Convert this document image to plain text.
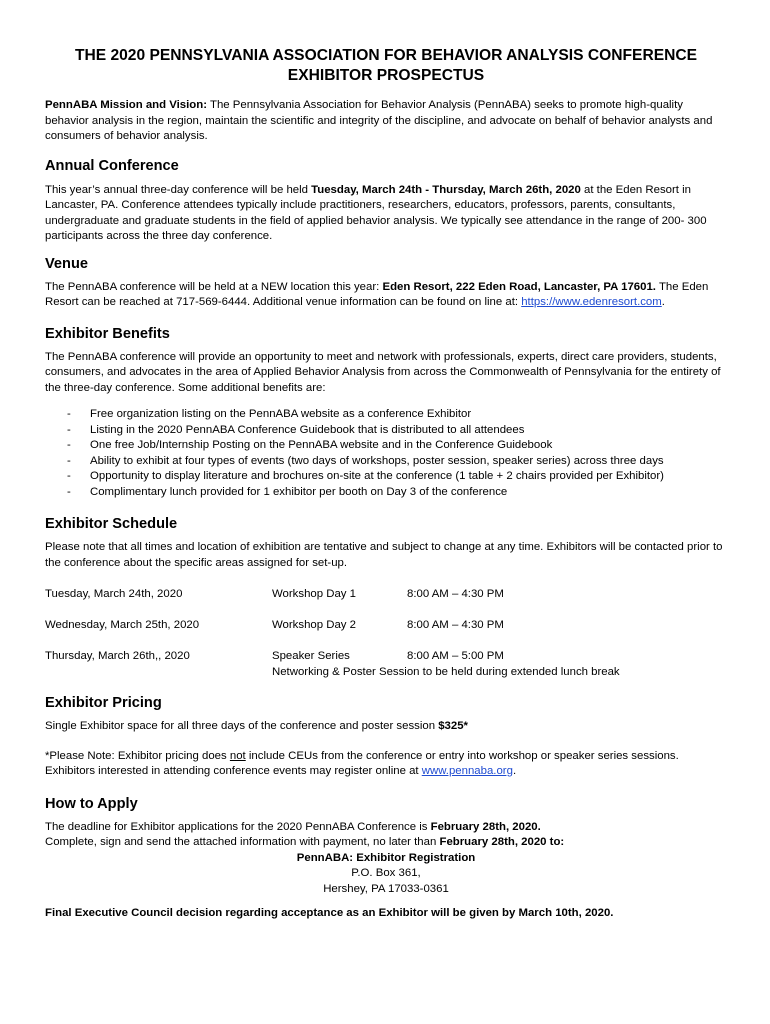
THE 2020 PENNSYLVANIA ASSOCIATION FOR BEHAVIOR ANALYSIS CONFERENCE
EXHIBITOR PROSPECTUS

PennABA Mission and Vision: The Pennsylvania Association for Behavior Analysis (PennABA) seeks to promote high-quality behavior analysis in the region, maintain the scientific and integrity of the discipline, and advocate on behalf of behavior analysts and consumers of behavior analysis.

Annual Conference

This year’s annual three-day conference will be held Tuesday, March 24th - Thursday, March 26th, 2020 at the Eden Resort in Lancaster, PA. Conference attendees typically include practitioners, researchers, educators, professors, parents, consultants, undergraduate and graduate students in the field of applied behavior analysis. We typically see attendance in the range of 200- 300 participants across the three day conference.

Venue

The PennABA conference will be held at a NEW location this year: Eden Resort, 222 Eden Road, Lancaster, PA 17601. The Eden Resort can be reached at 717-569-6444. Additional venue information can be found on line at: https://www.edenresort.com.

Exhibitor Benefits

The PennABA conference will provide an opportunity to meet and network with professionals, experts, direct care providers, students, consumers, and advocates in the area of Applied Behavior Analysis from across the Commonwealth of Pennsylvania for the entirety of the three-day conference. Some additional benefits are:

- Free organization listing on the PennABA website as a conference Exhibitor
- Listing in the 2020 PennABA Conference Guidebook that is distributed to all attendees
- One free Job/Internship Posting on the PennABA website and in the Conference Guidebook
- Ability to exhibit at four types of events (two days of workshops, poster session, speaker series) across three days
- Opportunity to display literature and brochures on-site at the conference (1 table + 2 chairs provided per Exhibitor)
- Complimentary lunch provided for 1 exhibitor per booth on Day 3 of the conference
Exhibitor Schedule

Please note that all times and location of exhibition are tentative and subject to change at any time. Exhibitors will be contacted prior to the conference about the specific areas assigned for set-up.

Tuesday, March 24th, 2020	Workshop Day 1	8:00 AM – 4:30 PM
Wednesday, March 25th, 2020	Workshop Day 2	8:00 AM – 4:30 PM
Thursday, March 26th,, 2020	Speaker Series	8:00 AM – 5:00 PM
Networking & Poster Session to be held during extended lunch break
Exhibitor Pricing

Single Exhibitor space for all three days of the conference and poster session $325*

*Please Note: Exhibitor pricing does not include CEUs from the conference or entry into workshop or speaker series sessions. Exhibitors interested in attending conference events may register online at www.pennaba.org.

How to Apply

The deadline for Exhibitor applications for the 2020 PennABA Conference is February 28th, 2020.

Complete, sign and send the attached information with payment, no later than February 28th, 2020 to:

PennABA: Exhibitor Registration

P.O. Box 361,

Hershey, PA 17033-0361

Final Executive Council decision regarding acceptance as an Exhibitor will be given by March 10th, 2020.
